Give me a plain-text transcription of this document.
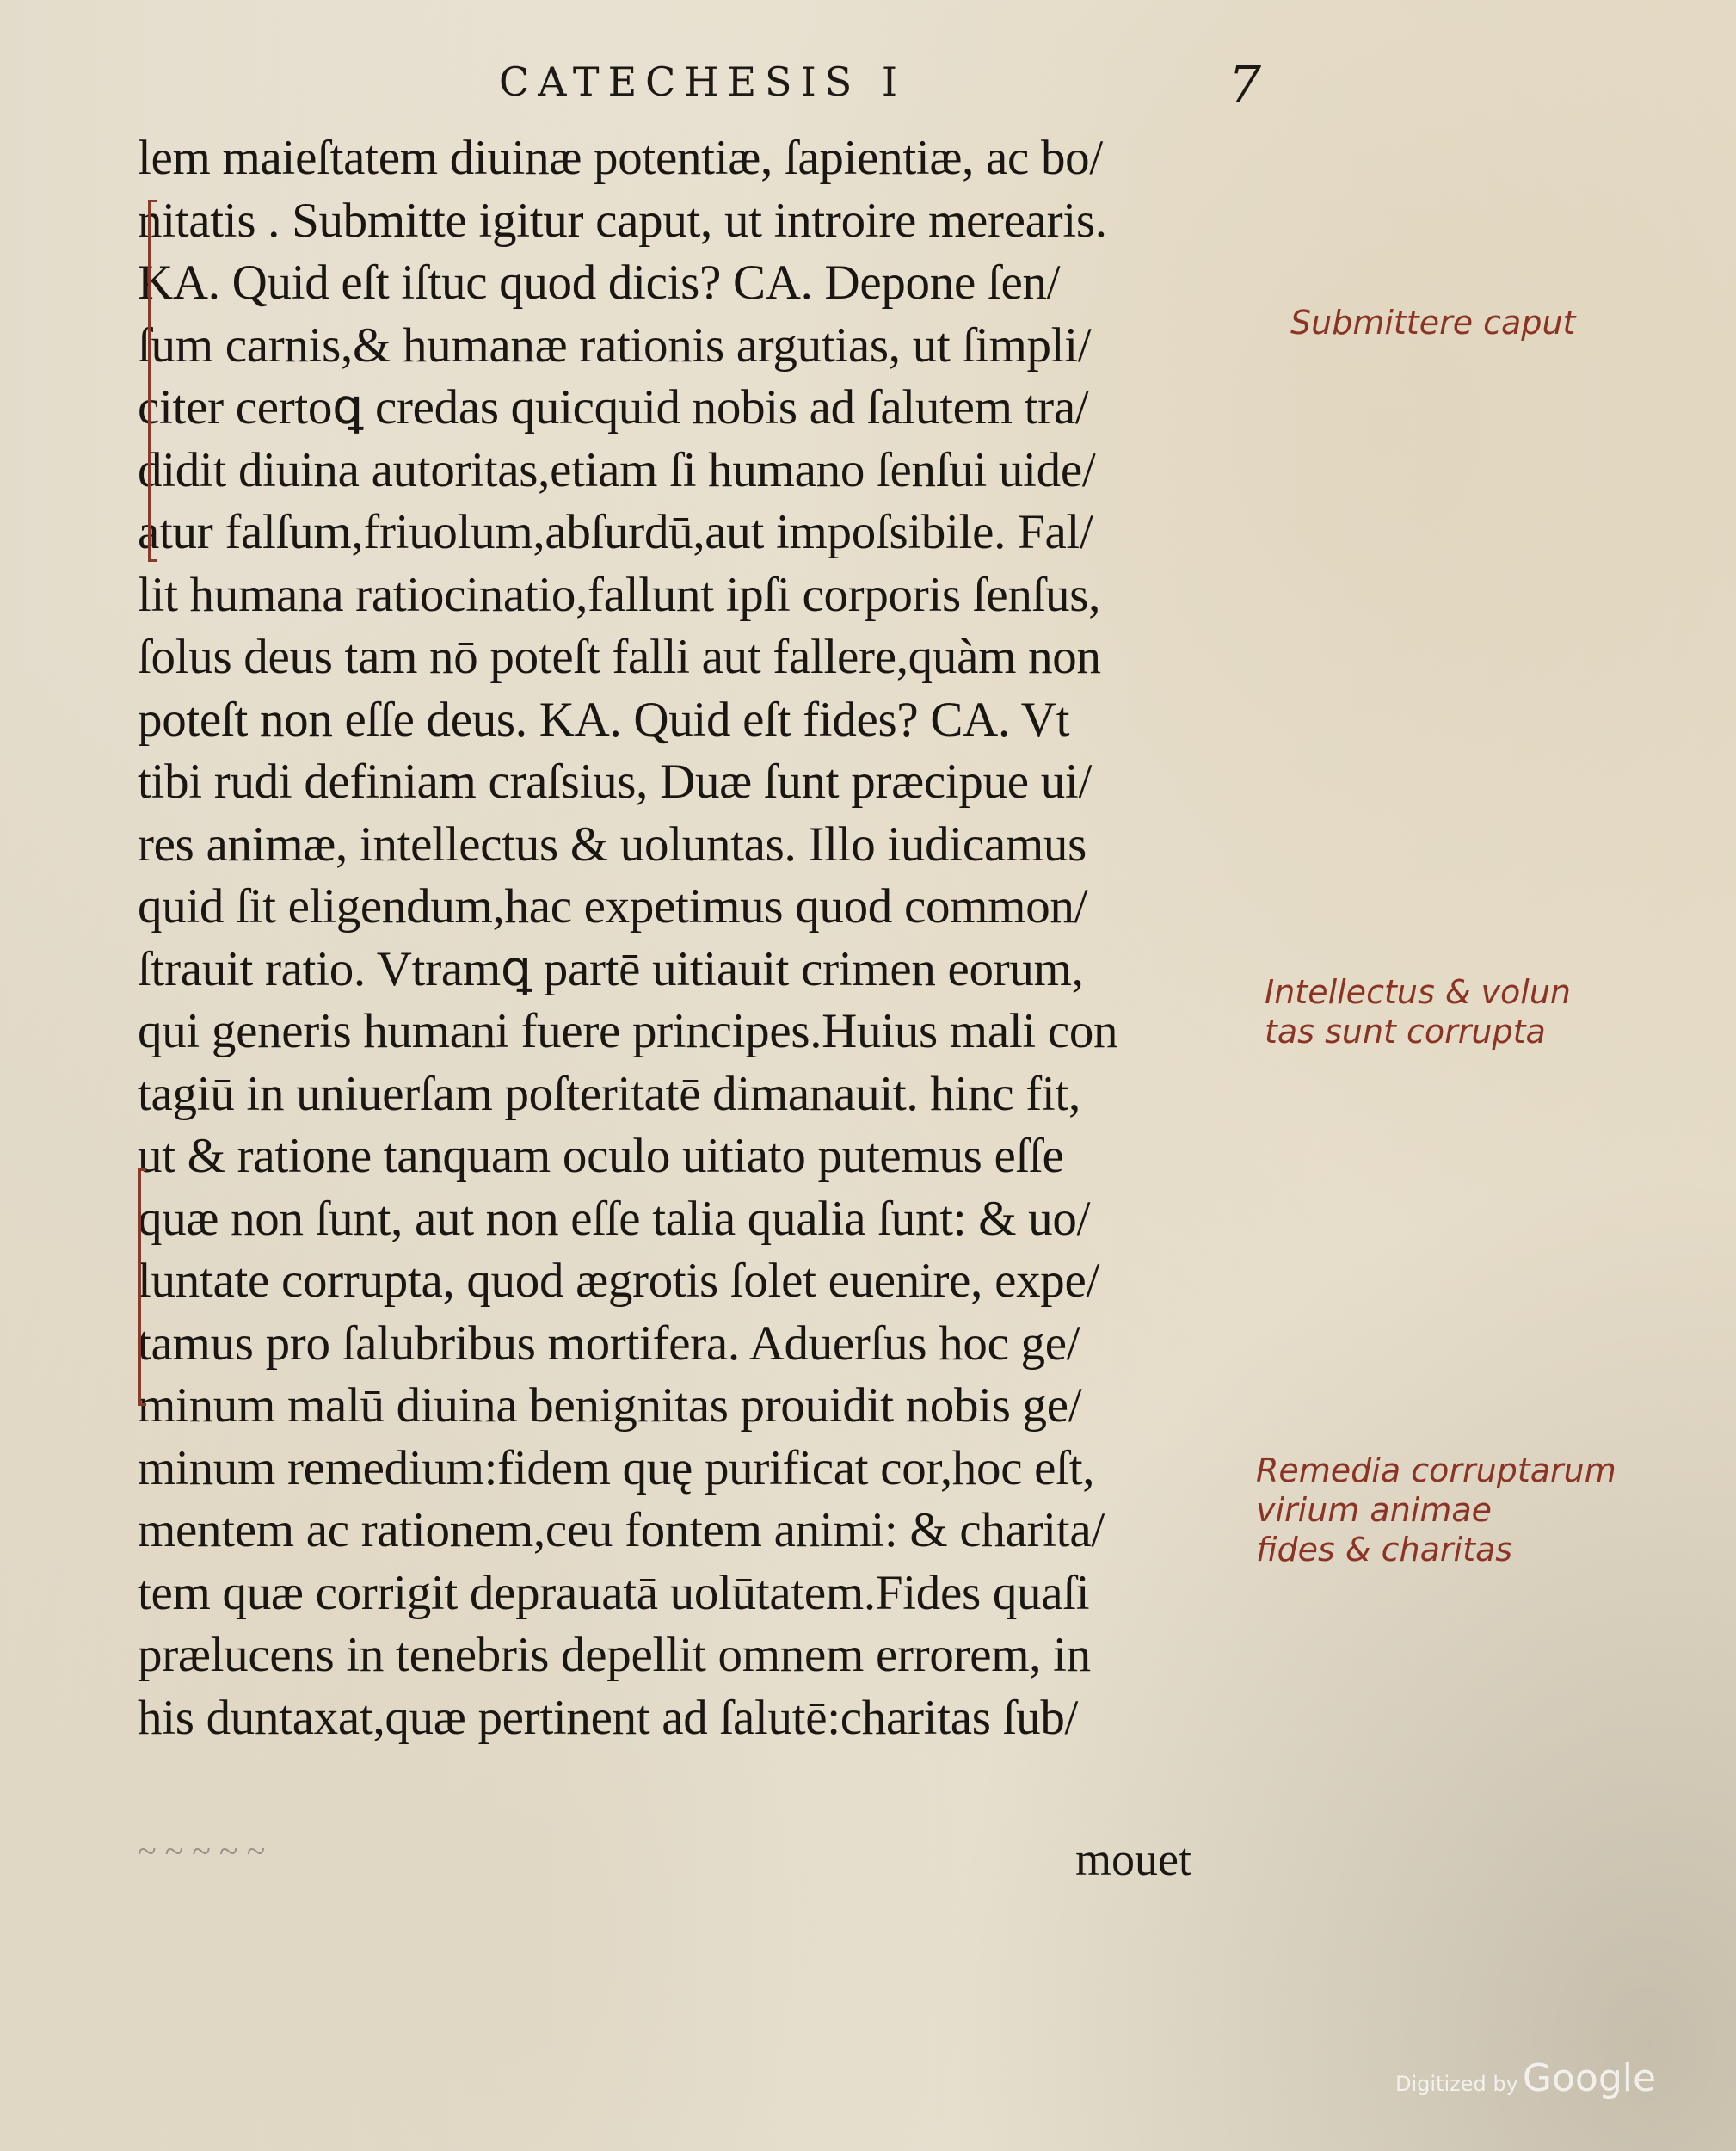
CATECHESIS I	7
lem maieſtatem diuinæ potentiæ, ſapientiæ, ac bo/
nitatis . Submitte igitur caput, ut introire merearis.
KA. Quid eſt iſtuc quod dicis? CA. Depone ſen/
ſum carnis,& humanæ rationis argutias, ut ſimpli/
citer certoꝗ credas quicquid nobis ad ſalutem tra/
didit diuina autoritas,etiam ſi humano ſenſui uide/
atur falſum,friuolum,abſurdū,aut impoſsibile. Fal/
lit humana ratiocinatio,fallunt ipſi corporis ſenſus,
ſolus deus tam nō poteſt falli aut fallere,quàm non
poteſt non eſſe deus. KA. Quid eſt fides? CA. Vt
tibi rudi definiam craſsius, Duæ ſunt præcipue ui/
res animæ, intellectus & uoluntas. Illo iudicamus
quid ſit eligendum,hac expetimus quod common/
ſtrauit ratio. Vtramꝗ partē uitiauit crimen eorum,
qui generis humani fuere principes.Huius mali con
tagiū in uniuerſam poſteritatē dimanauit. hinc fit,
ut & ratione tanquam oculo uitiato putemus eſſe
quæ non ſunt, aut non eſſe talia qualia ſunt: & uo/
luntate corrupta, quod ægrotis ſolet euenire, expe/
tamus pro ſalubribus mortifera. Aduerſus hoc ge/
minum malū diuina benignitas prouidit nobis ge/
minum remedium:fidem quę purificat cor,hoc eſt,
mentem ac rationem,ceu fontem animi: & charita/
tem quæ corrigit deprauatā uolūtatem.Fides quaſi
prælucens in tenebris depellit omnem errorem, in
his duntaxat,quæ pertinent ad ſalutē:charitas ſub/
~ ~ ~ ~ ~	mouet
Submittere caput
Intellectus & volun
tas sunt corrupta
Remedia corruptarum
virium animae
fides & charitas
Digitized by Google
